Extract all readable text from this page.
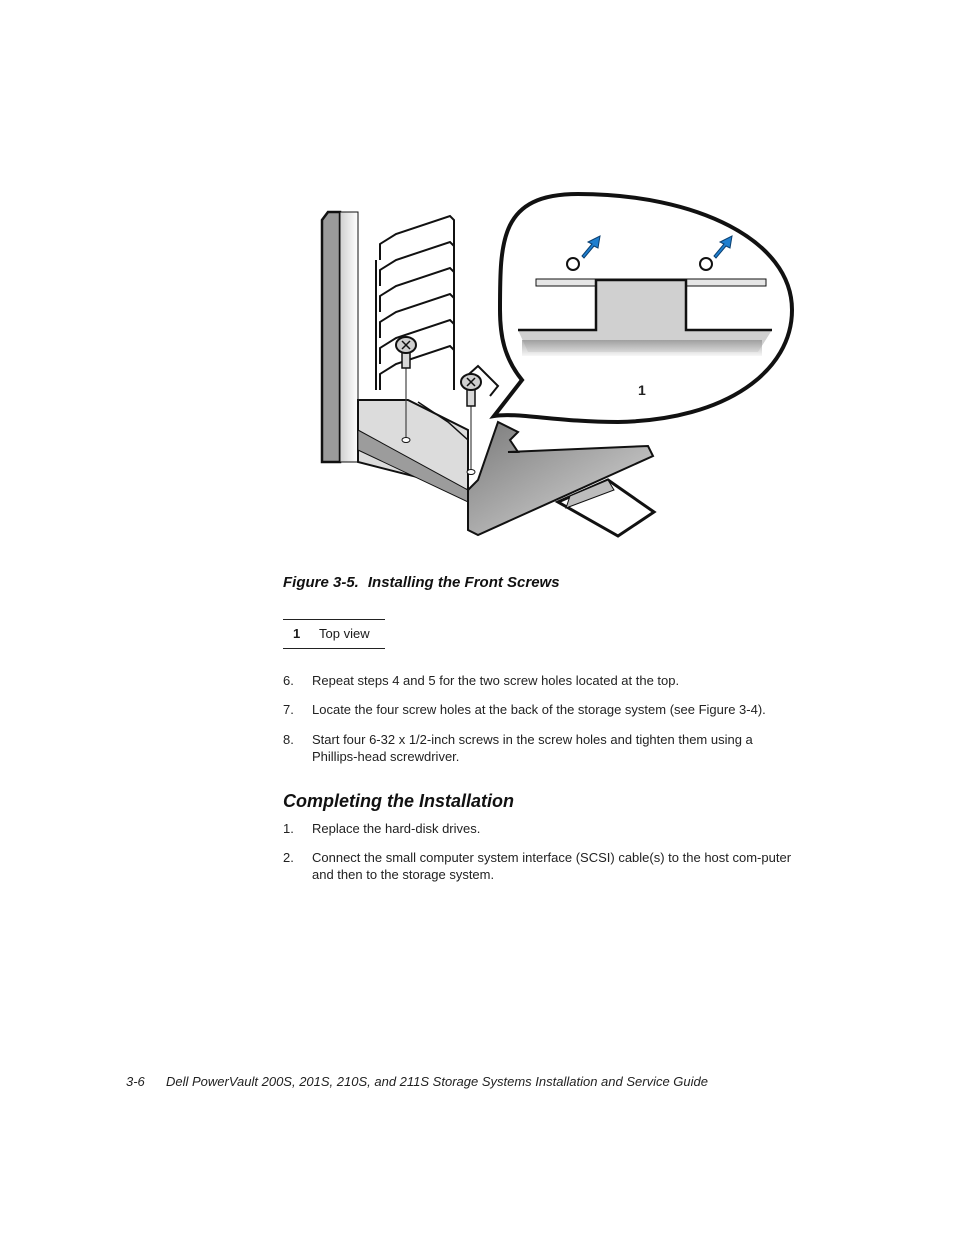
1
Figure 3-5. Installing the Front Screws
1 Top view
6. Repeat steps 4 and 5 for the two screw holes located at the top.
7. Locate the four screw holes at the back of the storage system (see Figure 3-4).
8. Start four 6-32 x 1/2-inch screws in the screw holes and tighten them using a Phillips-head screwdriver.
Completing the Installation
1. Replace the hard-disk drives.
2. Connect the small computer system interface (SCSI) cable(s) to the host com-puter and then to the storage system.
3-6 Dell PowerVault 200S, 201S, 210S, and 211S Storage Systems Installation and Service Guide
